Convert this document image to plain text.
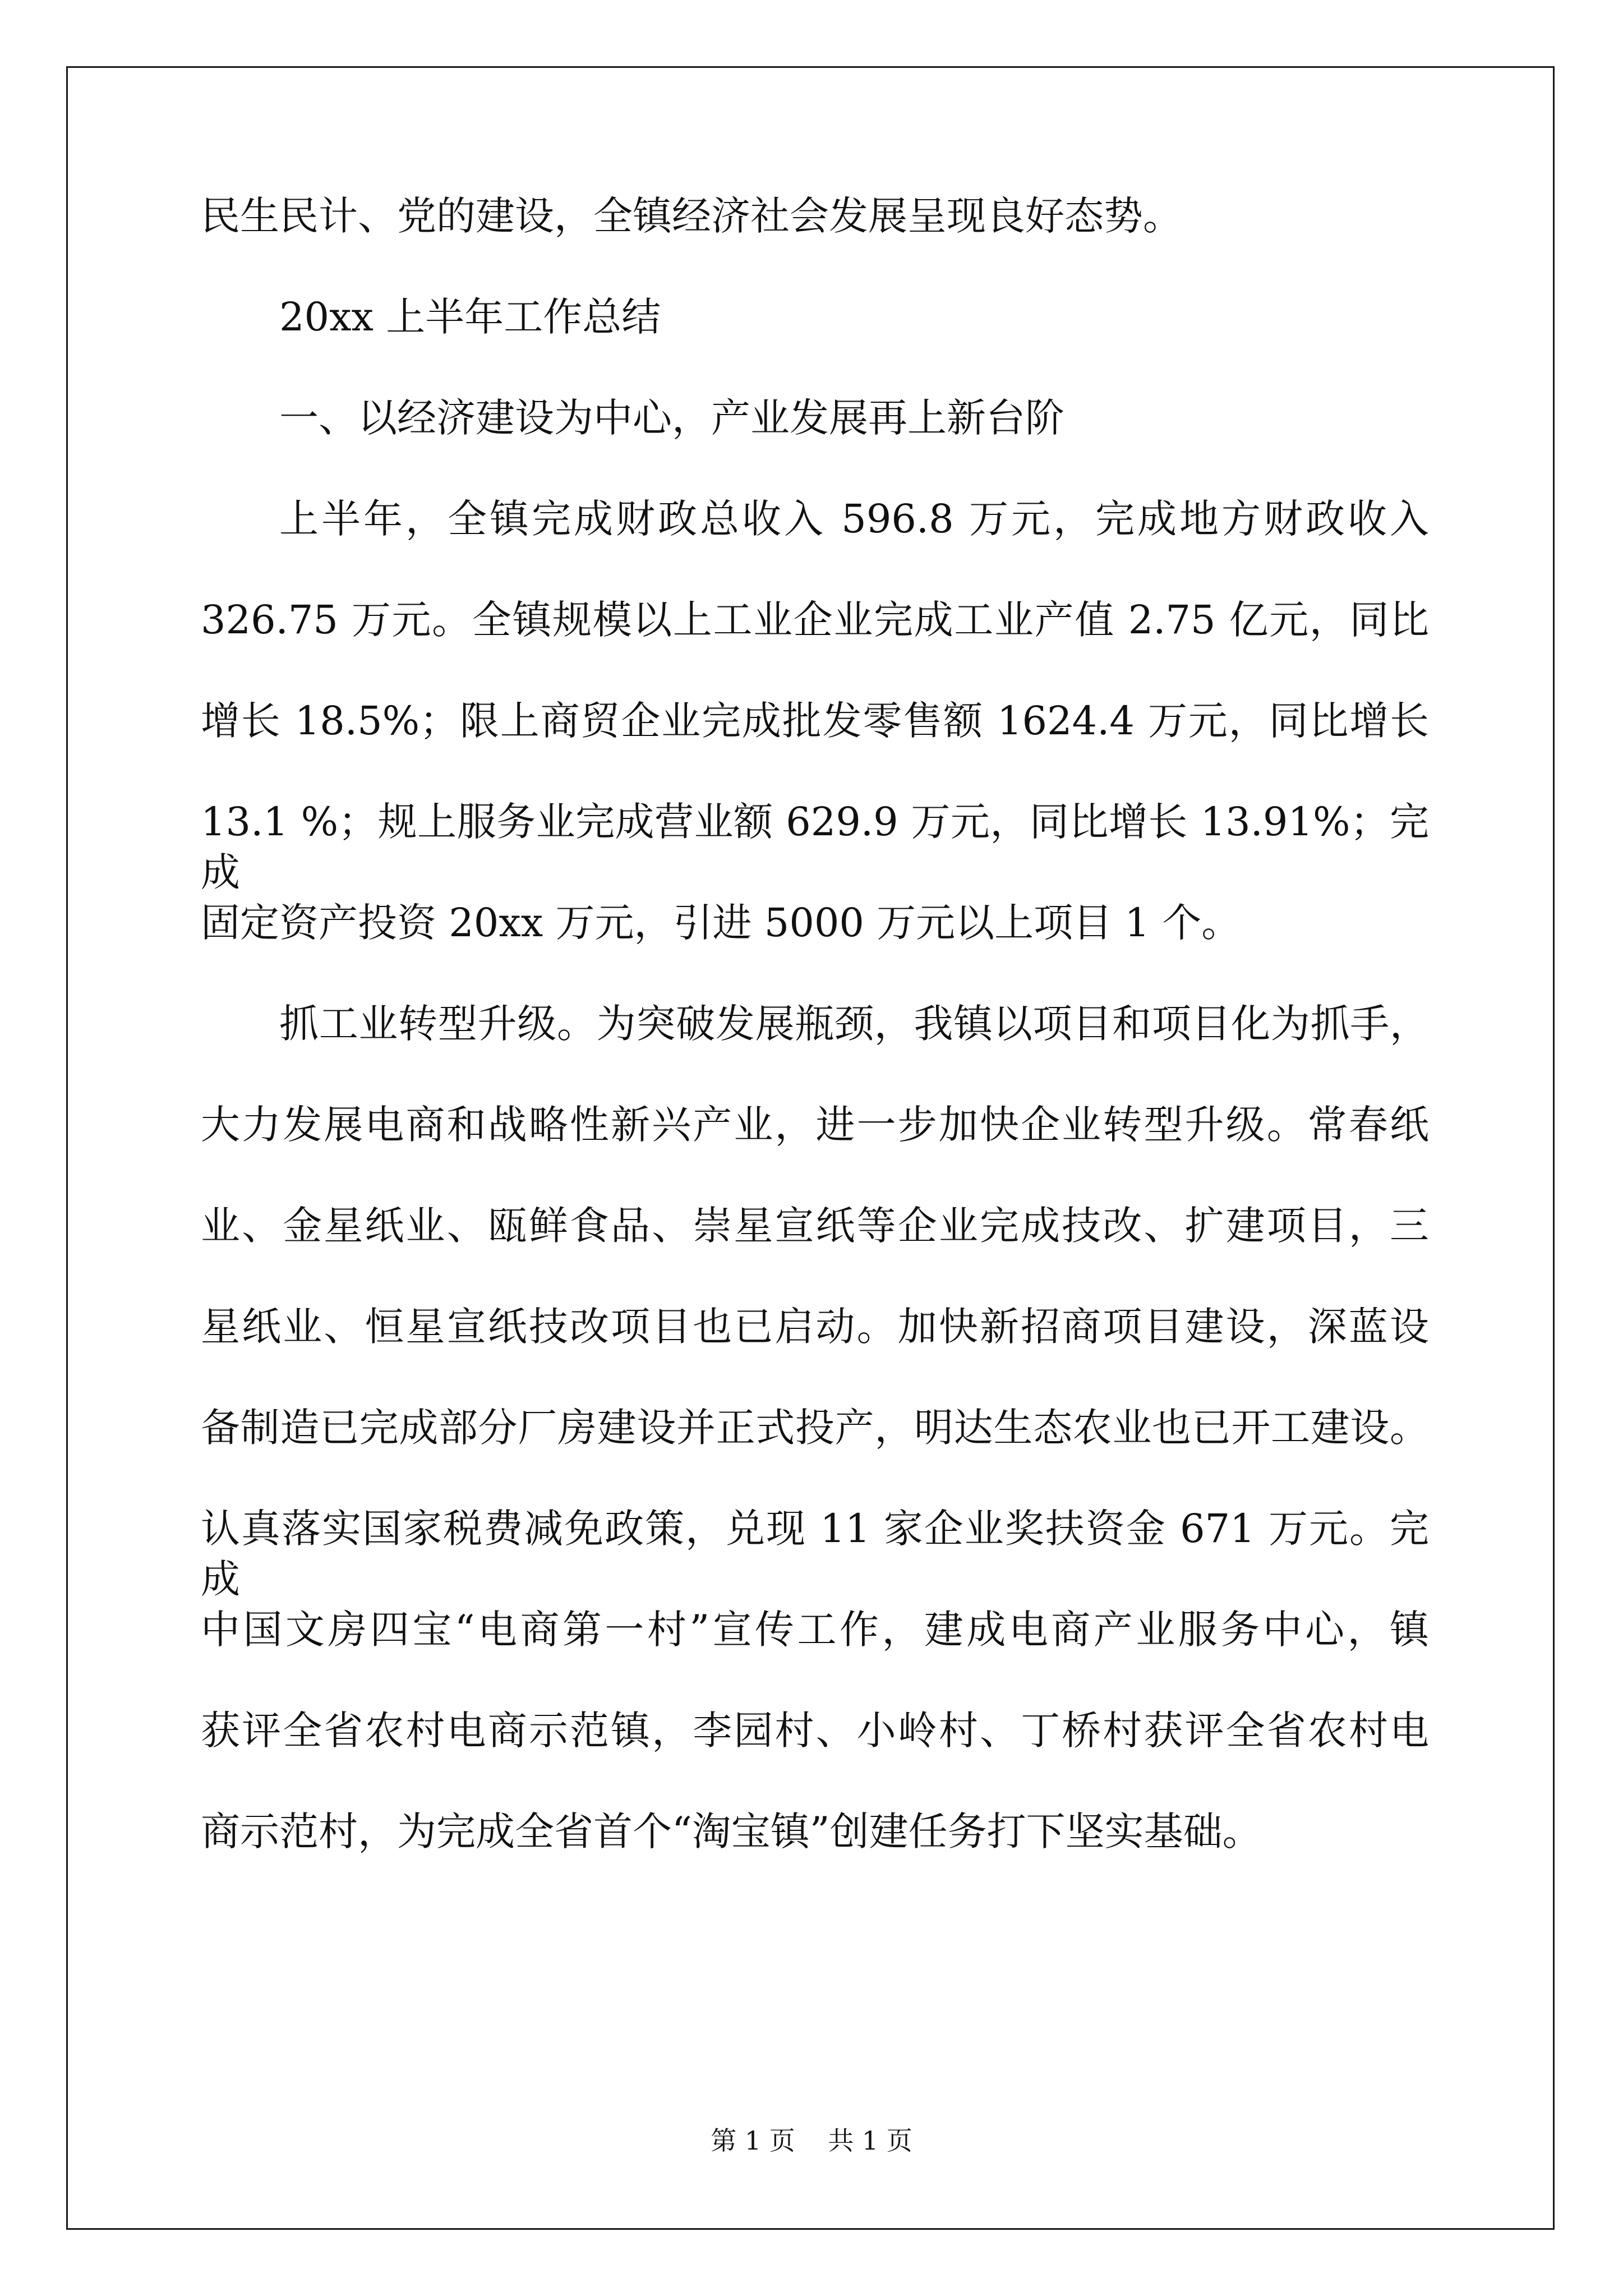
民生民计、党的建设，全镇经济社会发展呈现良好态势。
20xx 上半年工作总结
一、以经济建设为中心，产业发展再上新台阶
上半年，全镇完成财政总收入 596.8 万元，完成地方财政收入
326.75 万元。全镇规模以上工业企业完成工业产值 2.75 亿元，同比
增长 18.5%；限上商贸企业完成批发零售额 1624.4 万元，同比增长
13.1 %；规上服务业完成营业额 629.9 万元，同比增长 13.91%；完成
固定资产投资 20xx 万元，引进 5000 万元以上项目 1 个。
抓工业转型升级。为突破发展瓶颈，我镇以项目和项目化为抓手，
大力发展电商和战略性新兴产业，进一步加快企业转型升级。常春纸
业、金星纸业、瓯鲜食品、崇星宣纸等企业完成技改、扩建项目，三
星纸业、恒星宣纸技改项目也已启动。加快新招商项目建设，深蓝设
备制造已完成部分厂房建设并正式投产，明达生态农业也已开工建设。
认真落实国家税费减免政策，兑现 11 家企业奖扶资金 671 万元。完成
中国文房四宝“电商第一村”宣传工作，建成电商产业服务中心，镇
获评全省农村电商示范镇，李园村、小岭村、丁桥村获评全省农村电
商示范村，为完成全省首个“淘宝镇”创建任务打下坚实基础。
第 1 页    共 1 页
